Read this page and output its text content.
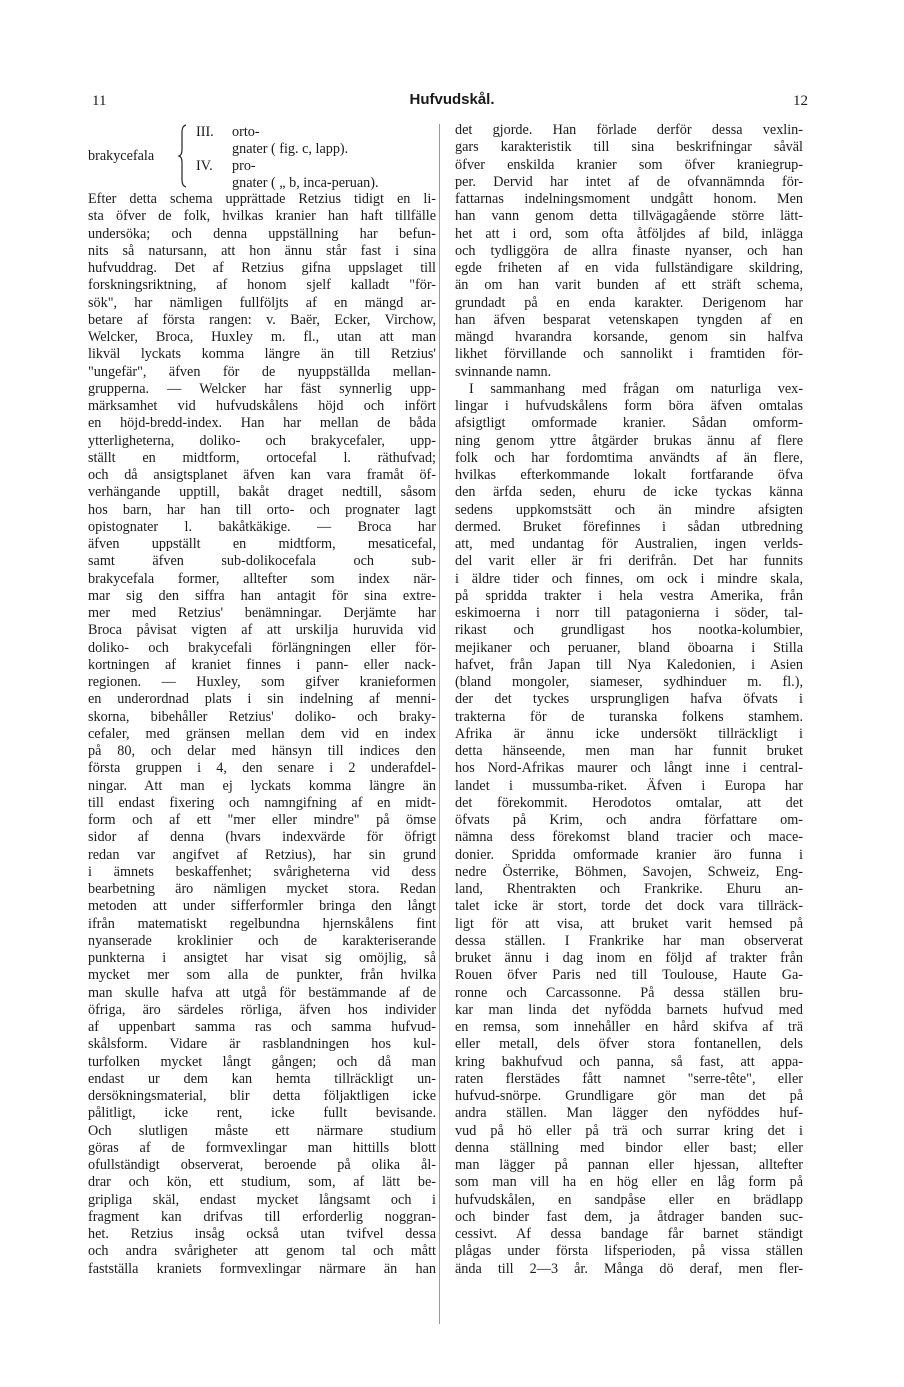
11	Hufvudskål.	12
brakycefala
III. orto-
gnater ( fig. c, lapp).
IV. pro-
gnater ( „ b, inca-peruan).
Efter detta schema upprättade Retzius tidigt en li-
sta öfver de folk, hvilkas kranier han haft tillfälle
undersöka; och denna uppställning har befun-
nits så natursann, att hon ännu står fast i sina
hufvuddrag. Det af Retzius gifna uppslaget till
forskningsriktning, af honom sjelf kalladt "för-
sök", har nämligen fullföljts af en mängd ar-
betare af första rangen: v. Baër, Ecker, Virchow,
Welcker, Broca, Huxley m. fl., utan att man
likväl lyckats komma längre än till Retzius'
"ungefär", äfven för de nyuppställda mellan-
grupperna. — Welcker har fäst synnerlig upp-
märksamhet vid hufvudskålens höjd och infört
en höjd-bredd-index. Han har mellan de båda
ytterligheterna, doliko- och brakycefaler, upp-
ställt en midtform, ortocefal l. räthufvad;
och då ansigtsplanet äfven kan vara framåt öf-
verhängande upptill, bakåt draget nedtill, såsom
hos barn, har han till orto- och prognater lagt
opistognater l. bakåtkäkige. — Broca har
äfven uppställt en midtform, mesaticefal,
samt äfven sub-dolikocefala och sub-
brakycefala former, alltefter som index när-
mar sig den siffra han antagit för sina extre-
mer med Retzius' benämningar. Derjämte har
Broca påvisat vigten af att urskilja huruvida vid
doliko- och brakycefali förlängningen eller för-
kortningen af kraniet finnes i pann- eller nack-
regionen. — Huxley, som gifver kranieformen
en underordnad plats i sin indelning af menni-
skorna, bibehåller Retzius' doliko- och braky-
cefaler, med gränsen mellan dem vid en index
på 80, och delar med hänsyn till indices den
första gruppen i 4, den senare i 2 underafdel-
ningar. Att man ej lyckats komma längre än
till endast fixering och namngifning af en midt-
form och af ett "mer eller mindre" på ömse
sidor af denna (hvars indexvärde för öfrigt
redan var angifvet af Retzius), har sin grund
i ämnets beskaffenhet; svårigheterna vid dess
bearbetning äro nämligen mycket stora. Redan
metoden att under sifferformler bringa den långt
ifrån matematiskt regelbundna hjernskålens fint
nyanserade kroklinier och de karakteriserande
punkterna i ansigtet har visat sig omöjlig, så
mycket mer som alla de punkter, från hvilka
man skulle hafva att utgå för bestämmande af de
öfriga, äro särdeles rörliga, äfven hos individer
af uppenbart samma ras och samma hufvud-
skålsform. Vidare är rasblandningen hos kul-
turfolken mycket långt gången; och då man
endast ur dem kan hemta tillräckligt un-
dersökningsmaterial, blir detta följaktligen icke
pålitligt, icke rent, icke fullt bevisande.
Och slutligen måste ett närmare studium
göras af de formvexlingar man hittills blott
ofullständigt observerat, beroende på olika ål-
drar och kön, ett studium, som, af lätt be-
gripliga skäl, endast mycket långsamt och i
fragment kan drifvas till erforderlig noggran-
het. Retzius insåg också utan tvifvel dessa
och andra svårigheter att genom tal och mått
fastställa kraniets formvexlingar närmare än han
det gjorde. Han förlade derför dessa vexlin-
gars karakteristik till sina beskrifningar såväl
öfver enskilda kranier som öfver kraniegrup-
per. Dervid har intet af de ofvannämnda för-
fattarnas indelningsmoment undgått honom. Men
han vann genom detta tillvägagående större lätt-
het att i ord, som ofta åtföljdes af bild, inlägga
och tydliggöra de allra finaste nyanser, och han
egde friheten af en vida fullständigare skildring,
än om han varit bunden af ett sträft schema,
grundadt på en enda karakter. Derigenom har
han äfven besparat vetenskapen tyngden af en
mängd hvarandra korsande, genom sin halfva
likhet förvillande och sannolikt i framtiden för-
svinnande namn.
I sammanhang med frågan om naturliga vex-
lingar i hufvudskålens form böra äfven omtalas
afsigtligt omformade kranier. Sådan omform-
ning genom yttre åtgärder brukas ännu af flere
folk och har fordomtima användts af än flere,
hvilkas efterkommande lokalt fortfarande öfva
den ärfda seden, ehuru de icke tyckas känna
sedens uppkomstsätt och än mindre afsigten
dermed. Bruket förefinnes i sådan utbredning
att, med undantag för Australien, ingen verlds-
del varit eller är fri derifrån. Det har funnits
i äldre tider och finnes, om ock i mindre skala,
på spridda trakter i hela vestra Amerika, från
eskimoerna i norr till patagonierna i söder, tal-
rikast och grundligast hos nootka-kolumbier,
mejikaner och peruaner, bland öboarna i Stilla
hafvet, från Japan till Nya Kaledonien, i Asien
(bland mongoler, siameser, sydhinduer m. fl.),
der det tyckes ursprungligen hafva öfvats i
trakterna för de turanska folkens stamhem.
Afrika är ännu icke undersökt tillräckligt i
detta hänseende, men man har funnit bruket
hos Nord-Afrikas maurer och långt inne i central-
landet i mussumba-riket. Äfven i Europa har
det förekommit. Herodotos omtalar, att det
öfvats på Krim, och andra författare om-
nämna dess förekomst bland tracier och mace-
donier. Spridda omformade kranier äro funna i
nedre Österrike, Böhmen, Savojen, Schweiz, Eng-
land, Rhentrakten och Frankrike. Ehuru an-
talet icke är stort, torde det dock vara tillräck-
ligt för att visa, att bruket varit hemsed på
dessa ställen. I Frankrike har man observerat
bruket ännu i dag inom en följd af trakter från
Rouen öfver Paris ned till Toulouse, Haute Ga-
ronne och Carcassonne. På dessa ställen bru-
kar man linda det nyfödda barnets hufvud med
en remsa, som innehåller en hård skifva af trä
eller metall, dels öfver stora fontanellen, dels
kring bakhufvud och panna, så fast, att appa-
raten flerstädes fått namnet "serre-tête", eller
hufvud-snörpe. Grundligare gör man det på
andra ställen. Man lägger den nyföddes huf-
vud på hö eller på trä och surrar kring det i
denna ställning med bindor eller bast; eller
man lägger på pannan eller hjessan, alltefter
som man vill ha en hög eller en låg form på
hufvudskålen, en sandpåse eller en brädlapp
och binder fast dem, ja åtdrager banden suc-
cessivt. Af dessa bandage får barnet ständigt
plågas under första lifsperioden, på vissa ställen
ända till 2—3 år. Många dö deraf, men fler-
